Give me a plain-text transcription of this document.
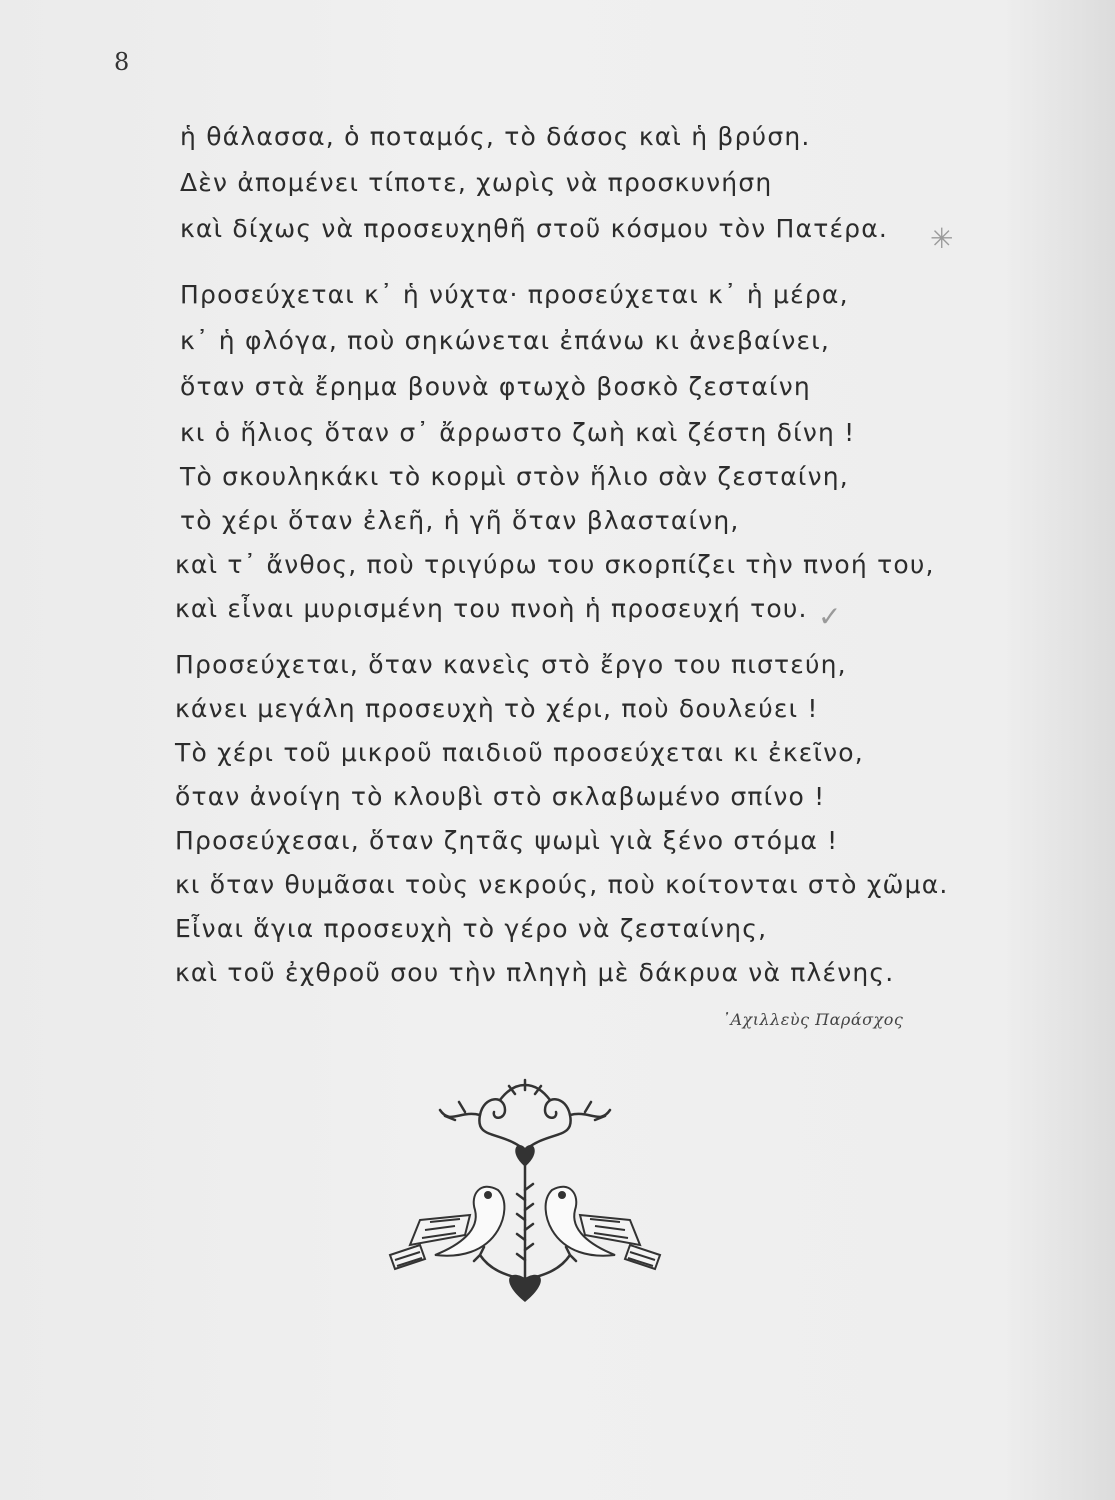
8
ἡ θάλασσα, ὁ ποταμός, τὸ δάσος καὶ ἡ βρύση.
Δὲν ἀπομένει τίποτε, χωρὶς νὰ προσκυνήση
καὶ δίχως νὰ προσευχηθῆ στοῦ κόσμου τὸν Πατέρα.
Προσεύχεται κ᾽ ἡ νύχτα· προσεύχεται κ᾽ ἡ μέρα,
κ᾽ ἡ φλόγα, ποὺ σηκώνεται ἐπάνω κι ἀνεβαίνει,
ὅταν στὰ ἔρημα βουνὰ φτωχὸ βοσκὸ ζεσταίνη
κι ὁ ἥλιος ὅταν σ᾽ ἄρρωστο ζωὴ καὶ ζέστη δίνη !
Τὸ σκουληκάκι τὸ κορμὶ στὸν ἥλιο σὰν ζεσταίνη,
τὸ χέρι ὅταν ἐλεῆ, ἡ γῆ ὅταν βλασταίνη,
καὶ τ᾽ ἄνθος, ποὺ τριγύρω του σκορπίζει τὴν πνοή του,
καὶ εἶναι μυρισμένη του πνοὴ ἡ προσευχή του.
Προσεύχεται, ὅταν κανεὶς στὸ ἔργο του πιστεύη,
κάνει μεγάλη προσευχὴ τὸ χέρι, ποὺ δουλεύει !
Τὸ χέρι τοῦ μικροῦ παιδιοῦ προσεύχεται κι ἐκεῖνο,
ὅταν ἀνοίγη τὸ κλουβὶ στὸ σκλαβωμένο σπίνο !
Προσεύχεσαι, ὅταν ζητᾶς ψωμὶ γιὰ ξένο στόμα !
κι ὅταν θυμᾶσαι τοὺς νεκρούς, ποὺ κοίτονται στὸ χῶμα.
Εἶναι ἅγια προσευχὴ τὸ γέρο νὰ ζεσταίνης,
καὶ τοῦ ἐχθροῦ σου τὴν πληγὴ μὲ δάκρυα νὰ πλένης.
᾽Αχιλλεὺς Παράσχος
✳
✓
